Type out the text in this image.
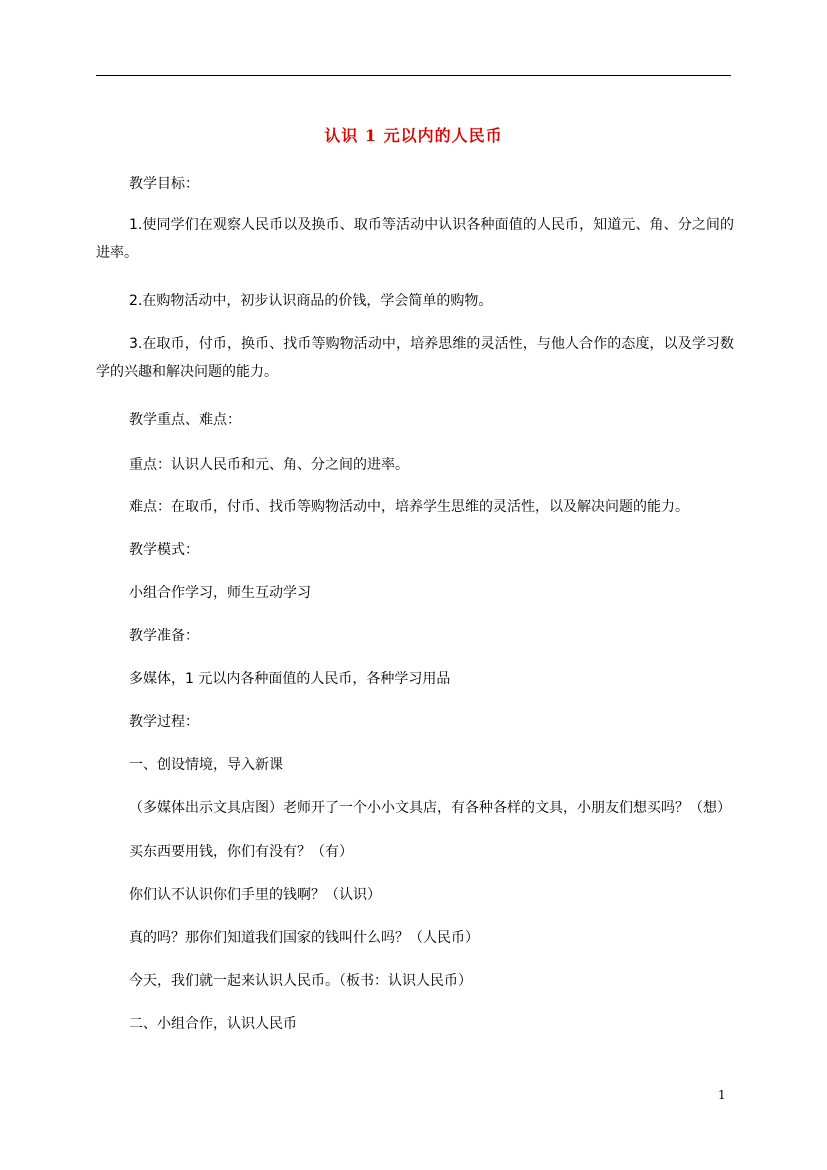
认识 1 元以内的人民币

教学目标：

1.使同学们在观察人民币以及换币、取币等活动中认识各种面值的人民币，知道元、角、分之间的进率。

2.在购物活动中，初步认识商品的价钱，学会简单的购物。

3.在取币，付币，换币、找币等购物活动中，培养思维的灵活性，与他人合作的态度，以及学习数学的兴趣和解决问题的能力。

教学重点、难点：

重点：认识人民币和元、角、分之间的进率。

难点：在取币，付币、找币等购物活动中，培养学生思维的灵活性，以及解决问题的能力。

教学模式：

小组合作学习，师生互动学习

教学准备：

多媒体，1 元以内各种面值的人民币，各种学习用品

教学过程：

一、创设情境，导入新课

（多媒体出示文具店图）老师开了一个小小文具店，有各种各样的文具，小朋友们想买吗？（想）

买东西要用钱，你们有没有？（有）

你们认不认识你们手里的钱啊？（认识）

真的吗？那你们知道我们国家的钱叫什么吗？（人民币）

今天，我们就一起来认识人民币。（板书：认识人民币）

二、小组合作，认识人民币

1
